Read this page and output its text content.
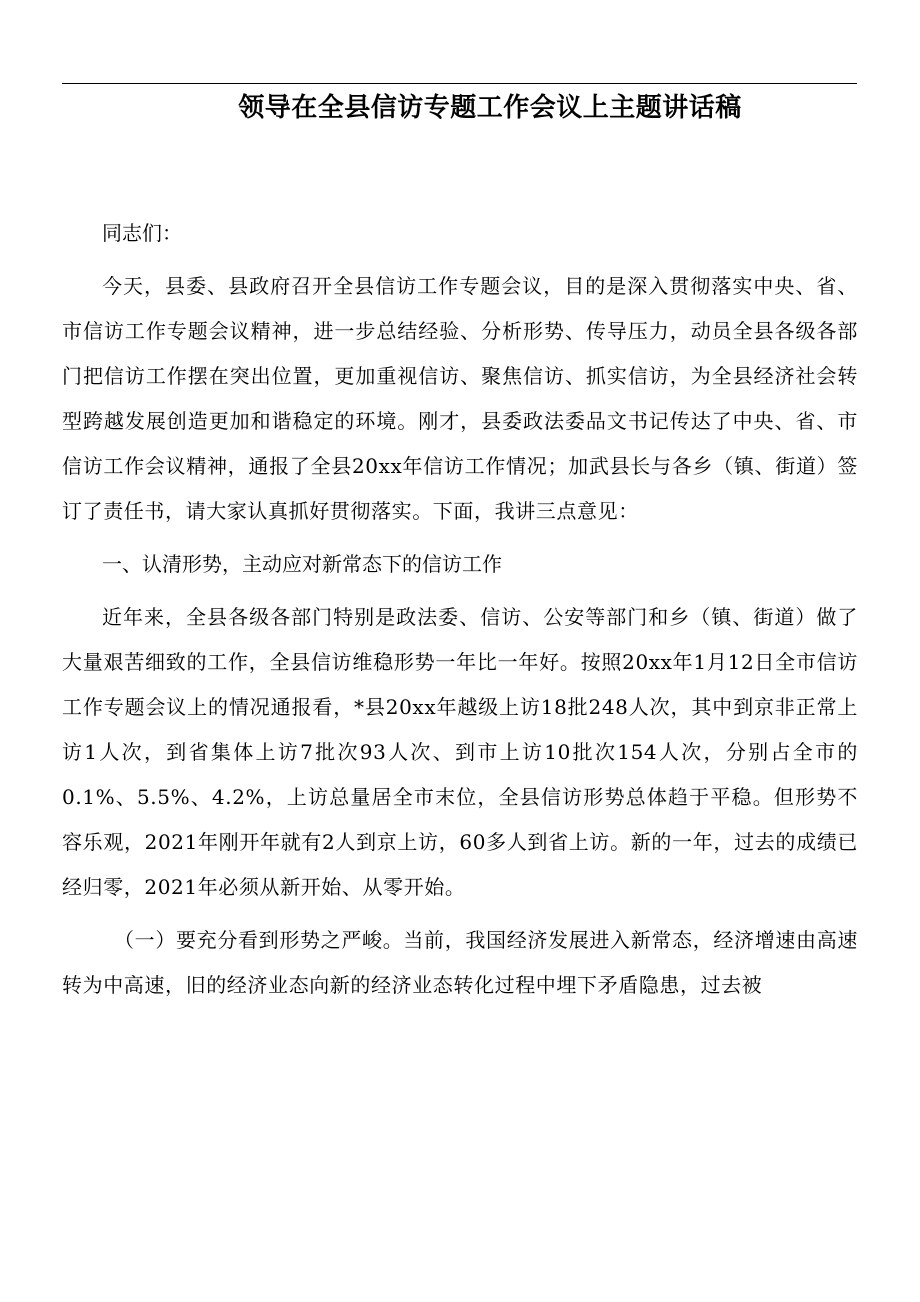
领导在全县信访专题工作会议上主题讲话稿

同志们：

今天，县委、县政府召开全县信访工作专题会议，目的是深入贯彻落实中央、省、市信访工作专题会议精神，进一步总结经验、分析形势、传导压力，动员全县各级各部门把信访工作摆在突出位置，更加重视信访、聚焦信访、抓实信访，为全县经济社会转型跨越发展创造更加和谐稳定的环境。刚才，县委政法委品文书记传达了中央、省、市信访工作会议精神，通报了全县20xx年信访工作情况；加武县长与各乡（镇、街道）签订了责任书，请大家认真抓好贯彻落实。下面，我讲三点意见：

一、认清形势，主动应对新常态下的信访工作

近年来，全县各级各部门特别是政法委、信访、公安等部门和乡（镇、街道）做了大量艰苦细致的工作，全县信访维稳形势一年比一年好。按照20xx年1月12日全市信访工作专题会议上的情况通报看，*县20xx年越级上访18批248人次，其中到京非正常上访1人次，到省集体上访7批次93人次、到市上访10批次154人次，分别占全市的0.1%、5.5%、4.2%，上访总量居全市末位，全县信访形势总体趋于平稳。但形势不容乐观，2021年刚开年就有2人到京上访，60多人到省上访。新的一年，过去的成绩已经归零，2021年必须从新开始、从零开始。

（一）要充分看到形势之严峻。当前，我国经济发展进入新常态，经济增速由高速转为中高速，旧的经济业态向新的经济业态转化过程中埋下矛盾隐患，过去被
